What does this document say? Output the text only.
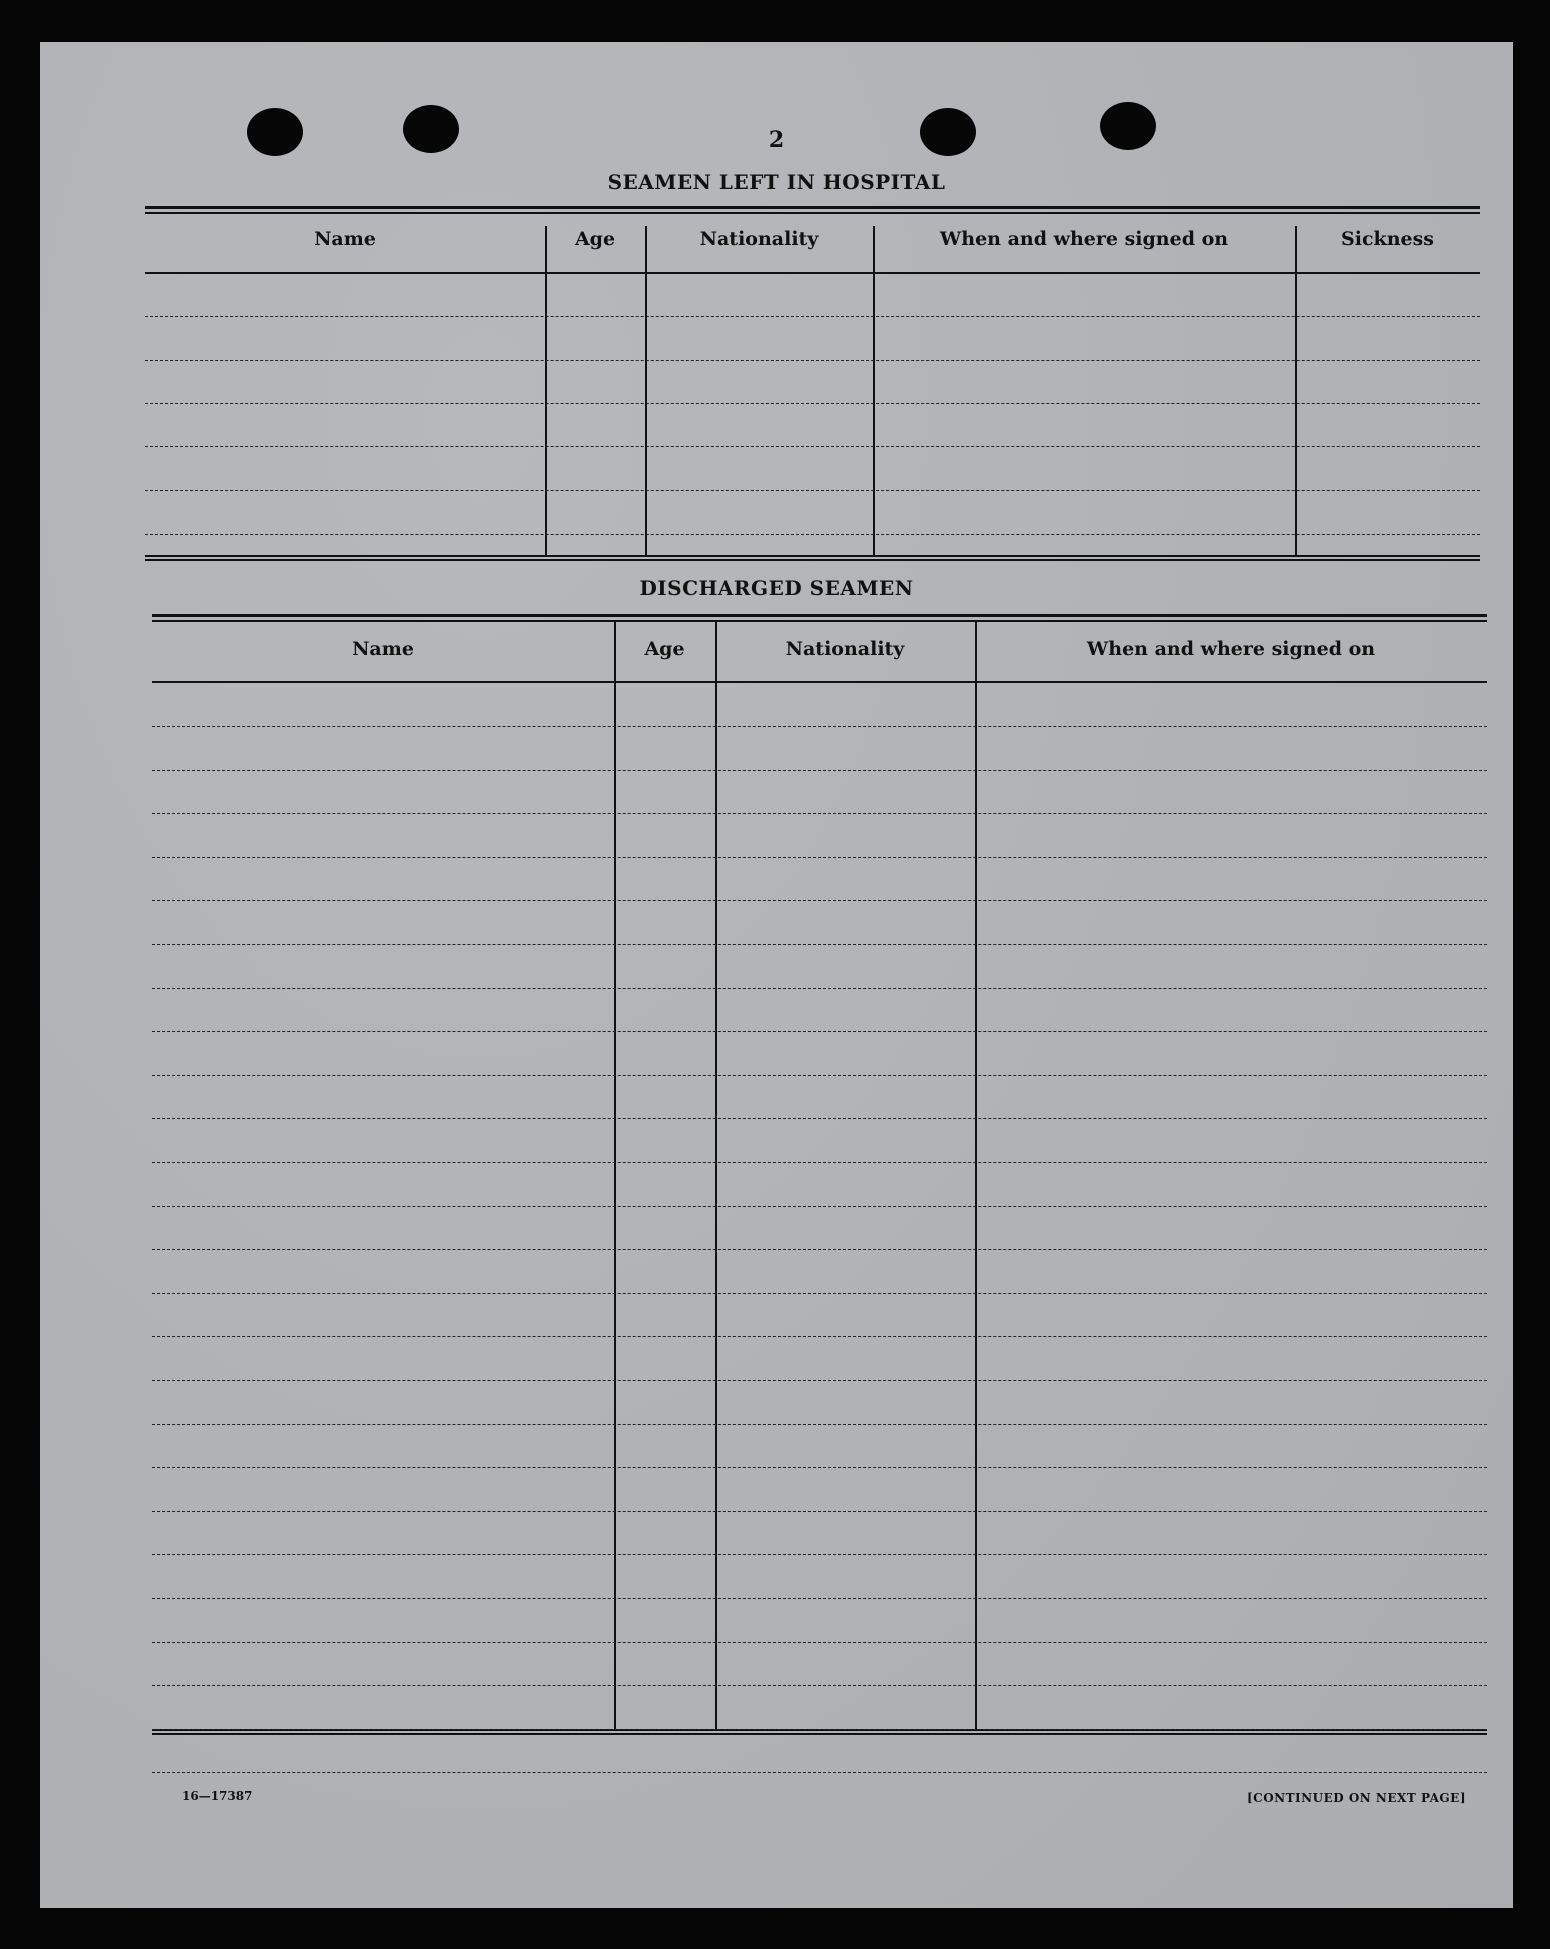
2
SEAMEN LEFT IN HOSPITAL
Name	Age	Nationality	When and where signed on	Sickness
DISCHARGED SEAMEN
Name	Age	Nationality	When and where signed on
16—17387	[CONTINUED ON NEXT PAGE]
